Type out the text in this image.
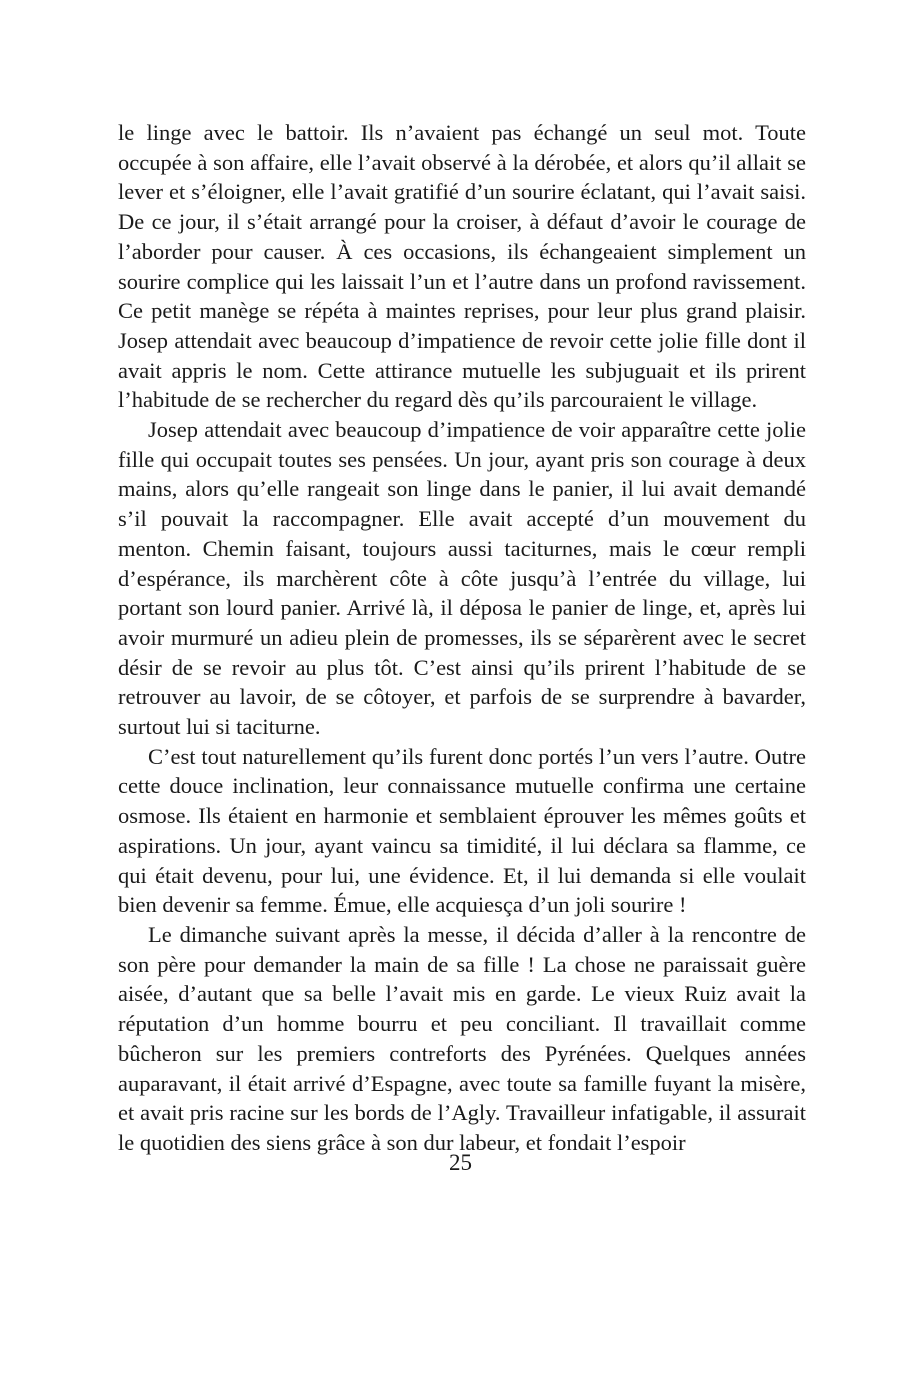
le linge avec le battoir. Ils n’avaient pas échangé un seul mot. Toute occupée à son affaire, elle l’avait observé à la dérobée, et alors qu’il allait se lever et s’éloigner, elle l’avait gratifié d’un sourire éclatant, qui l’avait saisi. De ce jour, il s’était arrangé pour la croiser, à défaut d’avoir le courage de l’aborder pour causer. À ces occasions, ils échangeaient simplement un sourire complice qui les laissait l’un et l’autre dans un profond ravissement. Ce petit manège se répéta à maintes reprises, pour leur plus grand plaisir. Josep attendait avec beaucoup d’impatience de revoir cette jolie fille dont il avait appris le nom. Cette attirance mutuelle les subjuguait et ils prirent l’habitude de se rechercher du regard dès qu’ils parcouraient le village.

Josep attendait avec beaucoup d’impatience de voir apparaître cette jolie fille qui occupait toutes ses pensées. Un jour, ayant pris son courage à deux mains, alors qu’elle rangeait son linge dans le panier, il lui avait demandé s’il pouvait la raccompagner. Elle avait accepté d’un mouvement du menton. Chemin faisant, toujours aussi taciturnes, mais le cœur rempli d’espérance, ils marchèrent côte à côte jusqu’à l’entrée du village, lui portant son lourd panier. Arrivé là, il déposa le panier de linge, et, après lui avoir murmuré un adieu plein de promesses, ils se séparèrent avec le secret désir de se revoir au plus tôt. C’est ainsi qu’ils prirent l’habitude de se retrouver au lavoir, de se côtoyer, et parfois de se surprendre à bavarder, surtout lui si taciturne.

C’est tout naturellement qu’ils furent donc portés l’un vers l’autre. Outre cette douce inclination, leur connaissance mutuelle confirma une certaine osmose. Ils étaient en harmonie et semblaient éprouver les mêmes goûts et aspirations. Un jour, ayant vaincu sa timidité, il lui déclara sa flamme, ce qui était devenu, pour lui, une évidence. Et, il lui demanda si elle voulait bien devenir sa femme. Émue, elle acquiesça d’un joli sourire !

Le dimanche suivant après la messe, il décida d’aller à la rencontre de son père pour demander la main de sa fille ! La chose ne paraissait guère aisée, d’autant que sa belle l’avait mis en garde. Le vieux Ruiz avait la réputation d’un homme bourru et peu conciliant. Il travaillait comme bûcheron sur les premiers contreforts des Pyrénées. Quelques années auparavant, il était arrivé d’Espagne, avec toute sa famille fuyant la misère, et avait pris racine sur les bords de l’Agly. Travailleur infatigable, il assurait le quotidien des siens grâce à son dur labeur, et fondait l’espoir

25
